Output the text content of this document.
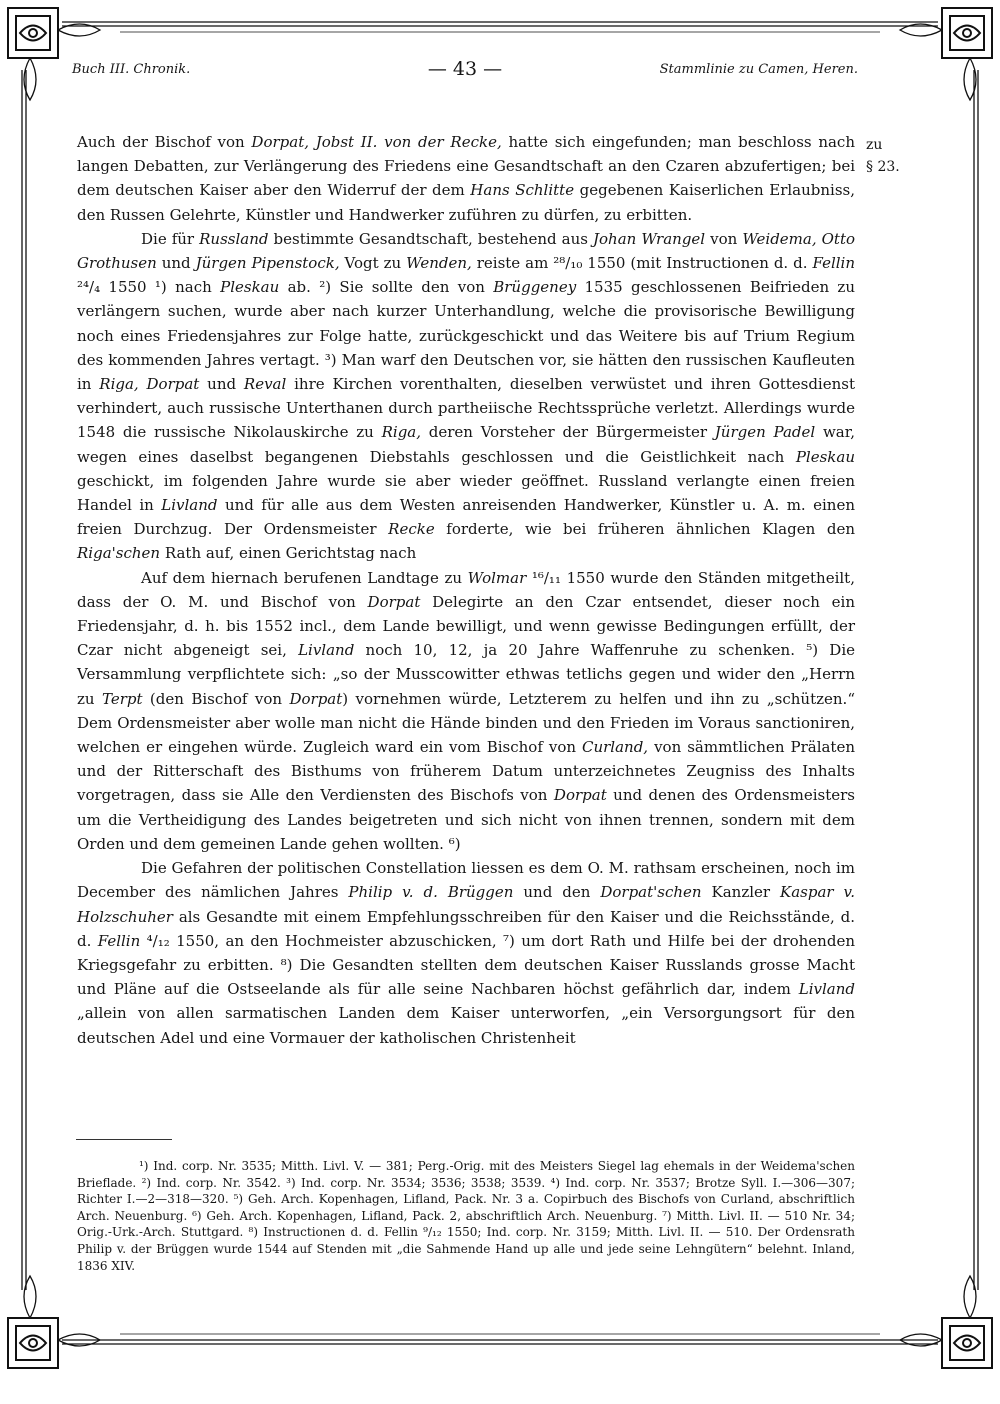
Buch III. Chronik.	— 43 —	Stammlinie zu Camen, Heren.
zu
§ 23.

Auch der Bischof von Dorpat, Jobst II. von der Recke, hatte sich eingefunden; man beschloss nach langen Debatten, zur Verlängerung des Friedens eine Gesandtschaft an den Czaren abzufertigen; bei dem deutschen Kaiser aber den Widerruf der dem Hans Schlitte gegebenen Kaiserlichen Erlaubniss, den Russen Gelehrte, Künstler und Handwerker zuführen zu dürfen, zu erbitten.

Die für Russland bestimmte Gesandtschaft, bestehend aus Johan Wrangel von Weidema, Otto Grothusen und Jürgen Pipenstock, Vogt zu Wenden, reiste am ²⁸/₁₀ 1550 (mit Instructionen d. d. Fellin ²⁴/₄ 1550 ¹) nach Pleskau ab. ²) Sie sollte den von Brüggeney 1535 geschlossenen Beifrieden zu verlängern suchen, wurde aber nach kurzer Unterhandlung, welche die provisorische Bewilligung noch eines Friedensjahres zur Folge hatte, zurückgeschickt und das Weitere bis auf Trium Regium des kommenden Jahres vertagt. ³) Man warf den Deutschen vor, sie hätten den russischen Kaufleuten in Riga, Dorpat und Reval ihre Kirchen vorenthalten, dieselben verwüstet und ihren Gottesdienst verhindert, auch russische Unterthanen durch partheiische Rechtssprüche verletzt. Allerdings wurde 1548 die russische Nikolauskirche zu Riga, deren Vorsteher der Bürgermeister Jürgen Padel war, wegen eines daselbst begangenen Diebstahls geschlossen und die Geistlichkeit nach Pleskau geschickt, im folgenden Jahre wurde sie aber wieder geöffnet. Russland verlangte einen freien Handel in Livland und für alle aus dem Westen anreisenden Handwerker, Künstler u. A. m. einen freien Durchzug. Der Ordensmeister Recke forderte, wie bei früheren ähnlichen Klagen den Riga'schen Rath auf, einen Gerichtstag nach

Auf dem hiernach berufenen Landtage zu Wolmar ¹⁶/₁₁ 1550 wurde den Ständen mitgetheilt, dass der O. M. und Bischof von Dorpat Delegirte an den Czar entsendet, dieser noch ein Friedensjahr, d. h. bis 1552 incl., dem Lande bewilligt, und wenn gewisse Bedingungen erfüllt, der Czar nicht abgeneigt sei, Livland noch 10, 12, ja 20 Jahre Waffenruhe zu schenken. ⁵) Die Versammlung verpflichtete sich: „so der Musscowitter ethwas tetlichs gegen und wider den „Herrn zu Terpt (den Bischof von Dorpat) vornehmen würde, Letzterem zu helfen und ihn zu „schützen.“ Dem Ordensmeister aber wolle man nicht die Hände binden und den Frieden im Voraus sanctioniren, welchen er eingehen würde. Zugleich ward ein vom Bischof von Curland, von sämmtlichen Prälaten und der Ritterschaft des Bisthums von früherem Datum unterzeichnetes Zeugniss des Inhalts vorgetragen, dass sie Alle den Verdiensten des Bischofs von Dorpat und denen des Ordensmeisters um die Vertheidigung des Landes beigetreten und sich nicht von ihnen trennen, sondern mit dem Orden und dem gemeinen Lande gehen wollten. ⁶)

Die Gefahren der politischen Constellation liessen es dem O. M. rathsam erscheinen, noch im December des nämlichen Jahres Philip v. d. Brüggen und den Dorpat'schen Kanzler Kaspar v. Holzschuher als Gesandte mit einem Empfehlungsschreiben für den Kaiser und die Reichsstände, d. d. Fellin ⁴/₁₂ 1550, an den Hochmeister abzuschicken, ⁷) um dort Rath und Hilfe bei der drohenden Kriegsgefahr zu erbitten. ⁸) Die Gesandten stellten dem deutschen Kaiser Russlands grosse Macht und Pläne auf die Ostseelande als für alle seine Nachbaren höchst gefährlich dar, indem Livland „allein von allen sarmatischen Landen dem Kaiser unterworfen, „ein Versorgungsort für den deutschen Adel und eine Vormauer der katholischen Christenheit

¹) Ind. corp. Nr. 3535; Mitth. Livl. V. — 381; Perg.-Orig. mit des Meisters Siegel lag ehemals in der Weidema'schen Brieflade. ²) Ind. corp. Nr. 3542. ³) Ind. corp. Nr. 3534; 3536; 3538; 3539. ⁴) Ind. corp. Nr. 3537; Brotze Syll. I.—306—307; Richter I.—2—318—320. ⁵) Geh. Arch. Kopenhagen, Lifland, Pack. Nr. 3 a. Copirbuch des Bischofs von Curland, abschriftlich Arch. Neuenburg. ⁶) Geh. Arch. Kopenhagen, Lifland, Pack. 2, abschriftlich Arch. Neuenburg. ⁷) Mitth. Livl. II. — 510 Nr. 34; Orig.-Urk.-Arch. Stuttgard. ⁸) Instructionen d. d. Fellin ⁹/₁₂ 1550; Ind. corp. Nr. 3159; Mitth. Livl. II. — 510. Der Ordensrath Philip v. der Brüggen wurde 1544 auf Stenden mit „die Sahmende Hand up alle und jede seine Lehngütern“ belehnt. Inland, 1836 XIV.
